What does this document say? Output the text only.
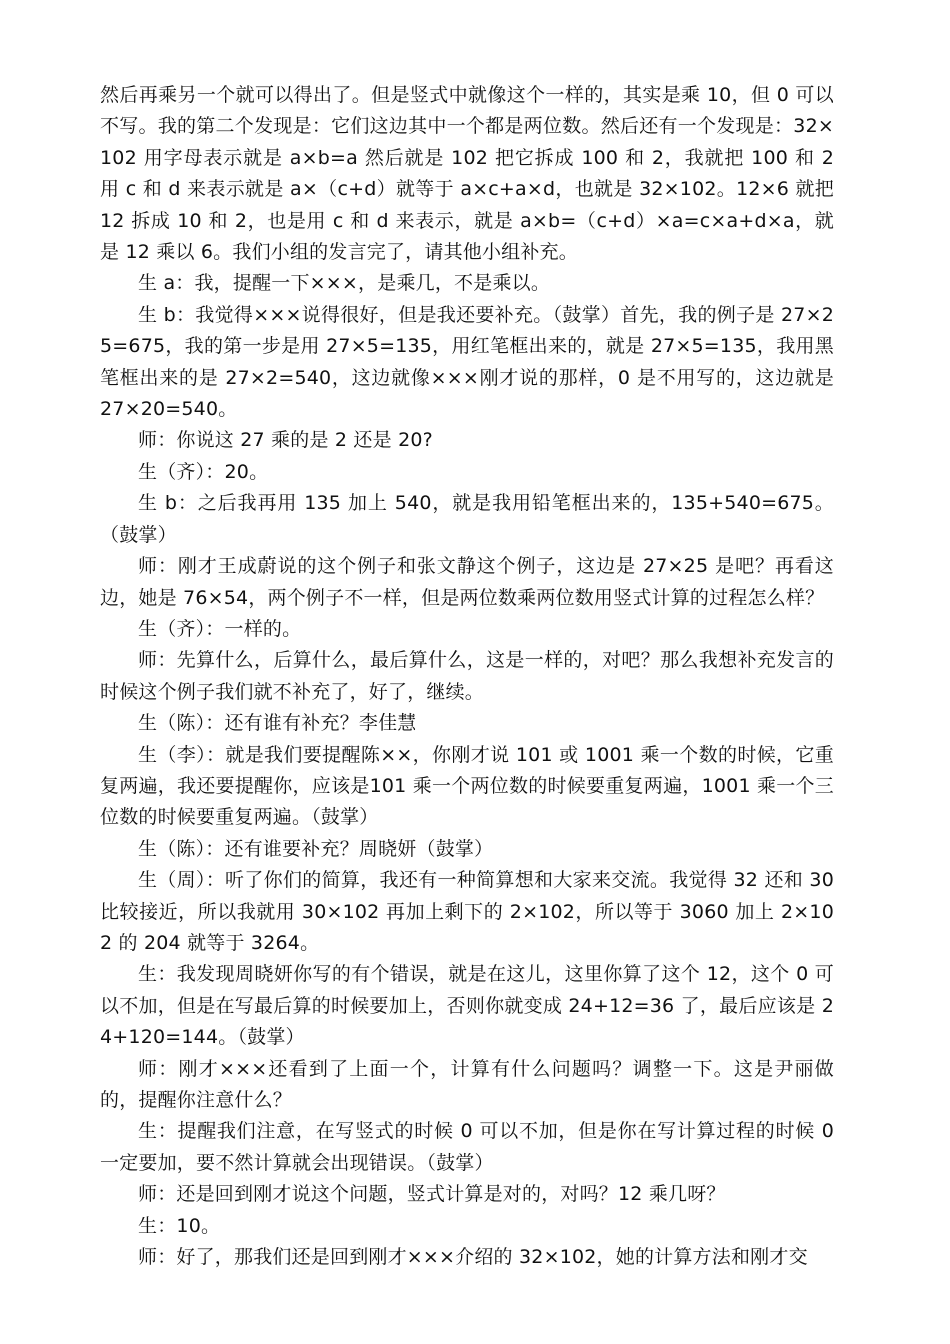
然后再乘另一个就可以得出了。但是竖式中就像这个一样的，其实是乘 10，但 0 可以不写。我的第二个发现是：它们这边其中一个都是两位数。然后还有一个发现是：32×102 用字母表示就是 a×b=a 然后就是 102 把它拆成 100 和 2，我就把 100 和 2 用 c 和 d 来表示就是 a×（c+d）就等于 a×c+a×d，也就是 32×102。12×6 就把 12 拆成 10 和 2，也是用 c 和 d 来表示，就是 a×b=（c+d）×a=c×a+d×a，就是 12 乘以 6。我们小组的发言完了，请其他小组补充。

生 a：我，提醒一下×××，是乘几，不是乘以。

生 b：我觉得×××说得很好，但是我还要补充。（鼓掌）首先，我的例子是 27×25=675，我的第一步是用 27×5=135，用红笔框出来的，就是 27×5=135，我用黑笔框出来的是 27×2=540，这边就像×××刚才说的那样，0 是不用写的，这边就是 27×20=540。

师：你说这 27 乘的是 2 还是 20?

生（齐）：20。

生 b：之后我再用 135 加上 540，就是我用铅笔框出来的，135+540=675。（鼓掌）

师：刚才王成蔚说的这个例子和张文静这个例子，这边是 27×25 是吧？再看这边，她是 76×54，两个例子不一样，但是两位数乘两位数用竖式计算的过程怎么样？

生（齐）：一样的。

师：先算什么，后算什么，最后算什么，这是一样的，对吧？那么我想补充发言的时候这个例子我们就不补充了，好了，继续。

生（陈）：还有谁有补充？李佳慧

生（李）：就是我们要提醒陈××，你刚才说 101 或 1001 乘一个数的时候，它重复两遍，我还要提醒你，应该是101 乘一个两位数的时候要重复两遍，1001 乘一个三位数的时候要重复两遍。（鼓掌）

生（陈）：还有谁要补充？周晓妍（鼓掌）

生（周）：听了你们的简算，我还有一种简算想和大家来交流。我觉得 32 还和 30 比较接近，所以我就用 30×102 再加上剩下的 2×102，所以等于 3060 加上 2×102 的 204 就等于 3264。

生：我发现周晓妍你写的有个错误，就是在这儿，这里你算了这个 12，这个 0 可以不加，但是在写最后算的时候要加上，否则你就变成 24+12=36 了，最后应该是 24+120=144。（鼓掌）

师：刚才×××还看到了上面一个，计算有什么问题吗？调整一下。这是尹丽做的，提醒你注意什么？

生：提醒我们注意，在写竖式的时候 0 可以不加，但是你在写计算过程的时候 0 一定要加，要不然计算就会出现错误。（鼓掌）

师：还是回到刚才说这个问题，竖式计算是对的，对吗？12 乘几呀？

生：10。

师：好了，那我们还是回到刚才×××介绍的 32×102，她的计算方法和刚才交
